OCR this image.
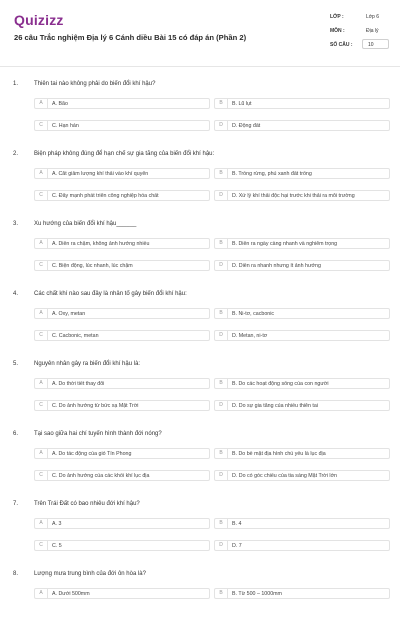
Quizizz
26 câu Trắc nghiệm Địa lý 6 Cánh diều Bài 15 có đáp án (Phần 2)
LỚP :	Lớp 6
MÔN :	Địa lý
SỐ CÂU :	10
1.	Thiên tai nào không phải do biến đổi khí hậu?
A	A. Bão	B	B. Lũ lụt
C	C. Hạn hán	D	D. Động đất
2.	Biện pháp không đúng để hạn chế sự gia tăng của biến đổi khí hậu:
A	A. Cắt giảm lượng khí thải vào khí quyển	B	B. Trồng rừng, phủ xanh đất trống
C	C. Đẩy mạnh phát triển công nghiệp hóa chất	D	D. Xử lý khí thải độc hại trước khi thải ra môi trường
3.	Xu hướng của biến đổi khí hậu______
A	A. Diễn ra chậm, không ảnh hưởng nhiều	B	B. Diễn ra ngày càng nhanh và nghiêm trọng
C	C. Biện động, lúc nhanh, lúc chậm	D	D. Diễn ra nhanh nhưng ít ảnh hưởng
4.	Các chất khí nào sau đây là nhân tố gây biến đổi khí hậu:
A	A. Oxy, metan	B	B. Ni-tơ, cacbonic
C	C. Cacbonic, metan	D	D. Metan, ni-tơ
5.	Nguyên nhân gây ra biến đổi khí hậu là:
A	A. Do thời tiết thay đổi	B	B. Do các hoạt động sống của con người
C	C. Do ảnh hưởng từ bức xạ Mặt Trời	D	D. Do sự gia tăng của nhiều thiên tai
6.	Tại sao giữa hai chí tuyến hình thành đới nóng?
A	A. Do tác động của gió Tín Phong	B	B. Do bề mặt địa hình chủ yếu là lục địa
C	C. Do ảnh hưởng của các khối khí lục địa	D	D. Do có góc chiếu của tia sáng Mặt Trời lớn
7.	Trên Trái Đất có bao nhiêu đới khí hậu?
A	A. 3	B	B. 4
C	C. 5	D	D. 7
8.	Lượng mưa trung bình của đới ôn hòa là?
A	A. Dưới 500mm	B	B. Từ 500 – 1000mm
